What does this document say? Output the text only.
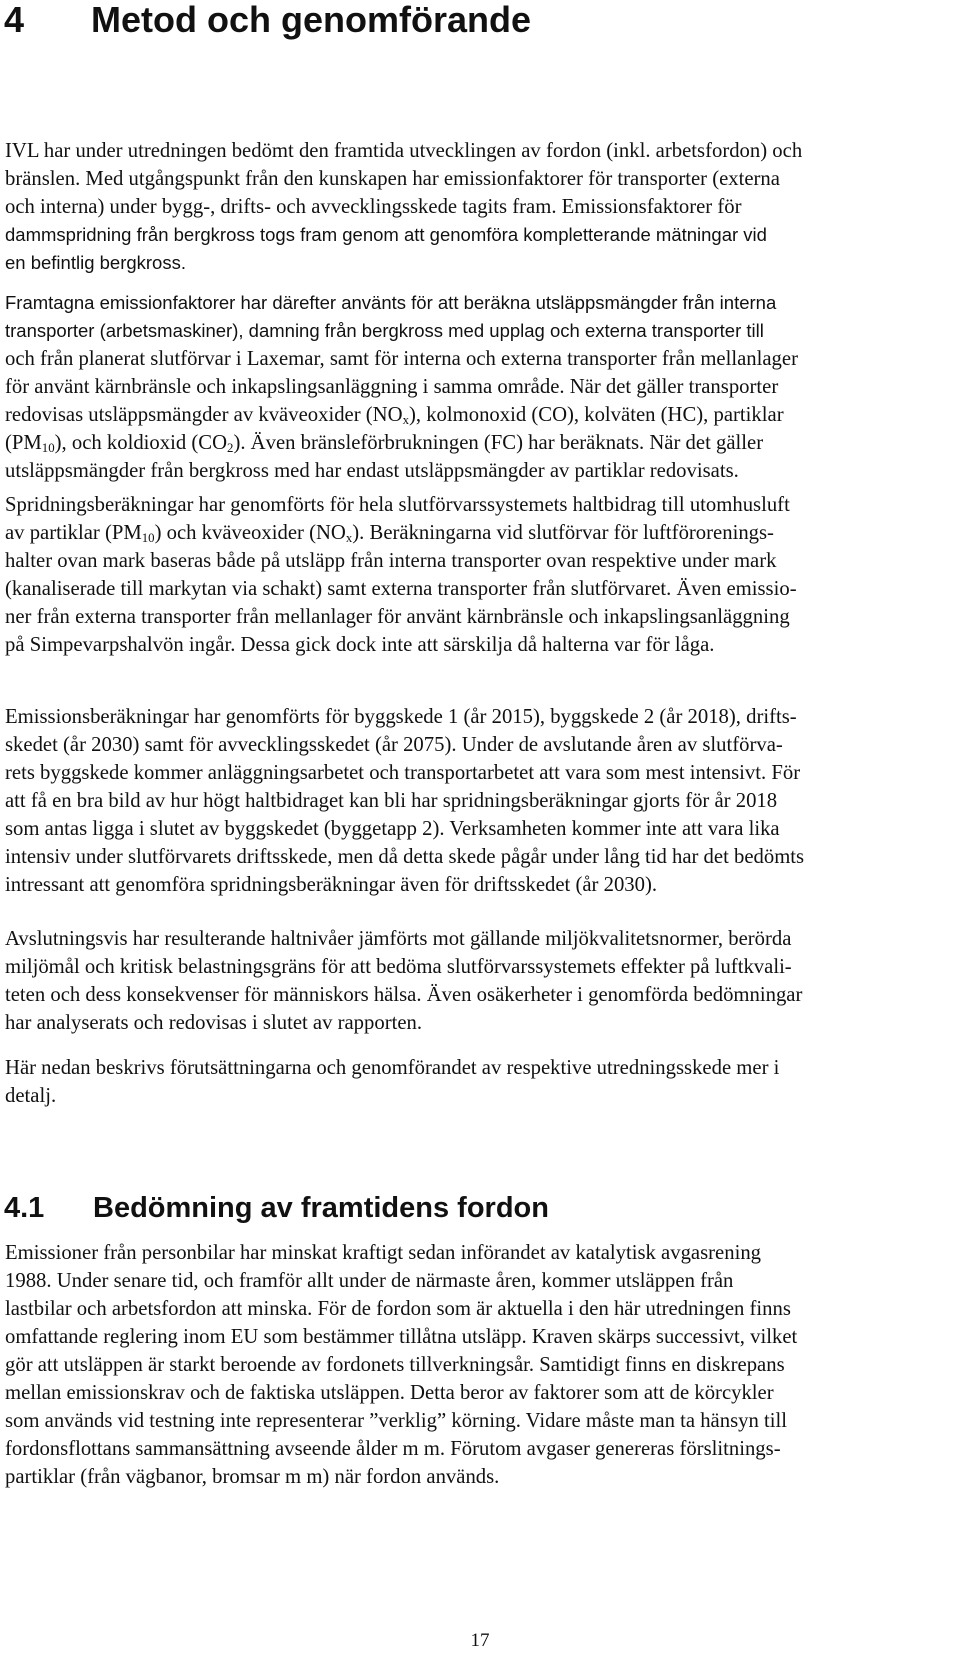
4 Metod och genomförande
IVL har under utredningen bedömt den framtida utvecklingen av fordon (inkl. arbetsfordon) och
bränslen. Med utgångspunkt från den kunskapen har emissionfaktorer för transporter (externa
och interna) under bygg-, drifts- och avvecklingsskede tagits fram. Emissionsfaktorer för
dammspridning från bergkross togs fram genom att genomföra kompletterande mätningar vid
en befintlig bergkross.
Framtagna emissionfaktorer har därefter använts för att beräkna utsläppsmängder från interna
transporter (arbetsmaskiner), damning från bergkross med upplag och externa transporter till
och från planerat slutförvar i Laxemar, samt för interna och externa transporter från mellanlager
för använt kärnbränsle och inkapslingsanläggning i samma område. När det gäller transporter
redovisas utsläppsmängder av kväveoxider $(NO_x)$, kolmonoxid (CO), kolväten (HC), partiklar
$(PM_{10})$, och koldioxid $(CO_2)$. Även bränsleförbrukningen (FC) har beräknats. När det gäller
utsläppsmängder från bergkross med har endast utsläppsmängder av partiklar redovisats.
Spridningsberäkningar har genomförts för hela slutförvarssystemets haltbidrag till utomhusluft
av partiklar $(PM_{10})$ och kväveoxider $(NO_x)$. Beräkningarna vid slutförvar för luftförorenings-
halter ovan mark baseras både på utsläpp från interna transporter ovan respektive under mark
(kanaliserade till markytan via schakt) samt externa transporter från slutförvaret. Även emissio-
ner från externa transporter från mellanlager för använt kärnbränsle och inkapslingsanläggning
på Simpevarpshalvön ingår. Dessa gick dock inte att särskilja då halterna var för låga.
Emissionsberäkningar har genomförts för byggskede 1 (år 2015), byggskede 2 (år 2018), drifts-
skedet (år 2030) samt för avvecklingsskedet (år 2075). Under de avslutande åren av slutförva-
rets byggskede kommer anläggningsarbetet och transportarbetet att vara som mest intensivt. För
att få en bra bild av hur högt haltbidraget kan bli har spridningsberäkningar gjorts för år 2018
som antas ligga i slutet av byggskedet (byggetapp 2). Verksamheten kommer inte att vara lika
intensiv under slutförvarets driftsskede, men då detta skede pågår under lång tid har det bedömts
intressant att genomföra spridningsberäkningar även för driftsskedet (år 2030).
Avslutningsvis har resulterande haltnivåer jämförts mot gällande miljökvalitetsnormer, berörda
miljömål och kritisk belastningsgräns för att bedöma slutförvarssystemets effekter på luftkvali-
teten och dess konsekvenser för människors hälsa. Även osäkerheter i genomförda bedömningar
har analyserats och redovisas i slutet av rapporten.
Här nedan beskrivs förutsättningarna och genomförandet av respektive utredningsskede mer i
detalj.
4.1 Bedömning av framtidens fordon
Emissioner från personbilar har minskat kraftigt sedan införandet av katalytisk avgasrening
1988. Under senare tid, och framför allt under de närmaste åren, kommer utsläppen från
lastbilar och arbetsfordon att minska. För de fordon som är aktuella i den här utredningen finns
omfattande reglering inom EU som bestämmer tillåtna utsläpp. Kraven skärps successivt, vilket
gör att utsläppen är starkt beroende av fordonets tillverkningsår. Samtidigt finns en diskrepans
mellan emissionskrav och de faktiska utsläppen. Detta beror av faktorer som att de körcykler
som används vid testning inte representerar ”verklig” körning. Vidare måste man ta hänsyn till
fordonsflottans sammansättning avseende ålder m m. Förutom avgaser genereras förslitnings-
partiklar (från vägbanor, bromsar m m) när fordon används.
17
